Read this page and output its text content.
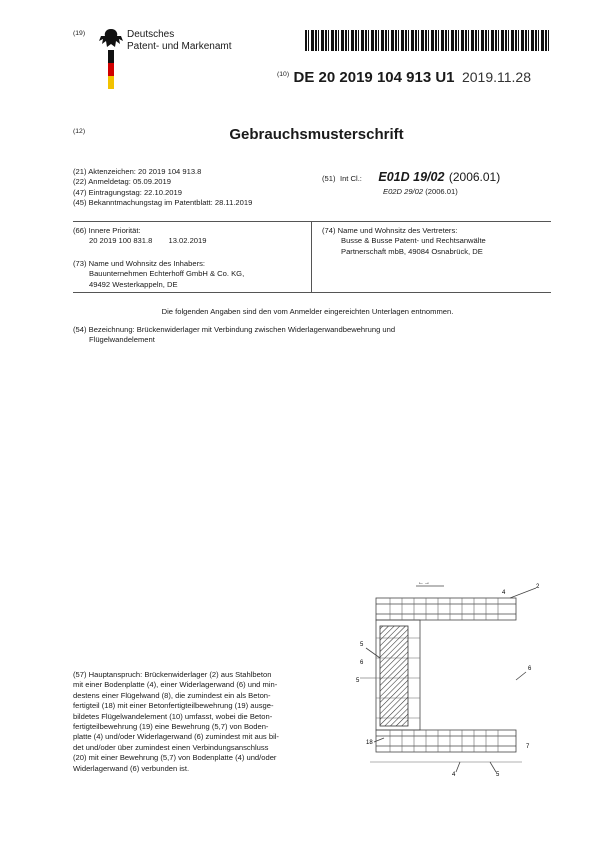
(19)	Deutsches
Patent- und Markenamt
$^{(10)}$ DE 20 2019 104 913 U1 2019.11.28
(12)	Gebrauchsmusterschrift
(21) Aktenzeichen: 20 2019 104 913.8
(22) Anmeldetag: 05.09.2019
(47) Eintragungstag: 22.10.2019
(45) Bekanntmachungstag im Patentblatt: 28.11.2019
(51) Int Cl.: E01D 19/02 (2006.01)
E02D 29/02 (2006.01)
(66) Innere Priorität:
20 2019 100 831.8 13.02.2019
(73) Name und Wohnsitz des Inhabers:
Bauunternehmen Echterhoff GmbH & Co. KG,
49492 Westerkappeln, DE
(74) Name und Wohnsitz des Vertreters:
Busse & Busse Patent- und Rechtsanwälte
Partnerschaft mbB, 49084 Osnabrück, DE
Die folgenden Angaben sind den vom Anmelder eingereichten Unterlagen entnommen.
(54) Bezeichnung: Brückenwiderlager mit Verbindung zwischen Widerlagerwandbewehrung und
Flügelwandelement
(57) Hauptanspruch: Brückenwiderlager (2) aus Stahlbeton
mit einer Bodenplatte (4), einer Widerlagerwand (6) und min-
destens einer Flügelwand (8), die zumindest ein als Beton-
fertigteil (18) mit einer Betonfertigteilbewehrung (19) ausge-
bildetes Flügelwandelement (10) umfasst, wobei die Beton-
fertigteilbewehrung (19) eine Bewehrung (5,7) von Boden-
platte (4) und/oder Widerlagerwand (6) zumindest mit aus bil-
det und/oder über zumindest einen Verbindungsanschluss
(20) mit einer Bewehrung (5,7) von Bodenplatte (4) und/oder
Widerlagerwand (6) verbunden ist.
←→
2
4
5
5
6
6
7
18
4	5
